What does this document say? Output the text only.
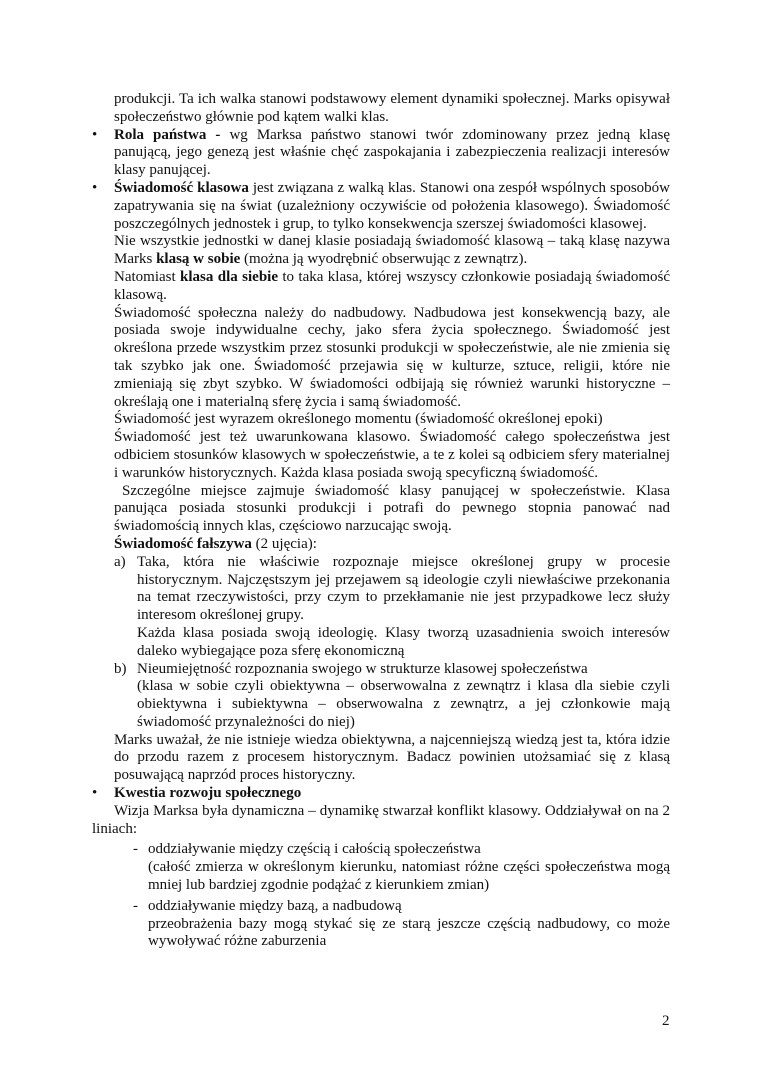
produkcji. Ta ich walka stanowi podstawowy element dynamiki społecznej. Marks opisywał społeczeństwo głównie pod kątem walki klas.
• Rola państwa - wg Marksa państwo stanowi twór zdominowany przez jedną klasę panującą, jego genezą jest właśnie chęć zaspokajania i zabezpieczenia realizacji interesów klasy panującej.
• Świadomość klasowa jest związana z walką klas. Stanowi ona zespół wspólnych sposobów zapatrywania się na świat (uzależniony oczywiście od położenia klasowego). Świadomość poszczególnych jednostek i grup, to tylko konsekwencja szerszej świadomości klasowej.
Nie wszystkie jednostki w danej klasie posiadają świadomość klasową – taką klasę nazywa Marks klasą w sobie (można ją wyodrębnić obserwując z zewnątrz).
Natomiast klasa dla siebie to taka klasa, której wszyscy członkowie posiadają świadomość klasową.
Świadomość społeczna należy do nadbudowy. Nadbudowa jest konsekwencją bazy, ale posiada swoje indywidualne cechy, jako sfera życia społecznego. Świadomość jest określona przede wszystkim przez stosunki produkcji w społeczeństwie, ale nie zmienia się tak szybko jak one. Świadomość przejawia się w kulturze, sztuce, religii, które nie zmieniają się zbyt szybko. W świadomości odbijają się również warunki historyczne – określają one i materialną sferę życia i samą świadomość.
Świadomość jest wyrazem określonego momentu (świadomość określonej epoki)
Świadomość jest też uwarunkowana klasowo. Świadomość całego społeczeństwa jest odbiciem stosunków klasowych w społeczeństwie, a te z kolei są odbiciem sfery materialnej i warunków historycznych. Każda klasa posiada swoją specyficzną świadomość.
Szczególne miejsce zajmuje świadomość klasy panującej w społeczeństwie. Klasa panująca posiada stosunki produkcji i potrafi do pewnego stopnia panować nad świadomością innych klas, częściowo narzucając swoją.
Świadomość fałszywa (2 ujęcia):
a) Taka, która nie właściwie rozpoznaje miejsce określonej grupy w procesie historycznym. Najczęstszym jej przejawem są ideologie czyli niewłaściwe przekonania na temat rzeczywistości, przy czym to przekłamanie nie jest przypadkowe lecz służy interesom określonej grupy.
Każda klasa posiada swoją ideologię. Klasy tworzą uzasadnienia swoich interesów daleko wybiegające poza sferę ekonomiczną
b) Nieumiejętność rozpoznania swojego w strukturze klasowej społeczeństwa
(klasa w sobie czyli obiektywna – obserwowalna z zewnątrz i klasa dla siebie czyli obiektywna i subiektywna – obserwowalna z zewnątrz, a jej członkowie mają świadomość przynależności do niej)
Marks uważał, że nie istnieje wiedza obiektywna, a najcenniejszą wiedzą jest ta, która idzie do przodu razem z procesem historycznym. Badacz powinien utożsamiać się z klasą posuwającą naprzód proces historyczny.
• Kwestia rozwoju społecznego
Wizja Marksa była dynamiczna – dynamikę stwarzał konflikt klasowy. Oddziaływał on na 2 liniach:
- oddziaływanie między częścią i całością społeczeństwa
(całość zmierza w określonym kierunku, natomiast różne części społeczeństwa mogą mniej lub bardziej zgodnie podążać z kierunkiem zmian)
- oddziaływanie między bazą, a nadbudową
przeobrażenia bazy mogą stykać się ze starą jeszcze częścią nadbudowy, co może wywoływać różne zaburzenia
2
